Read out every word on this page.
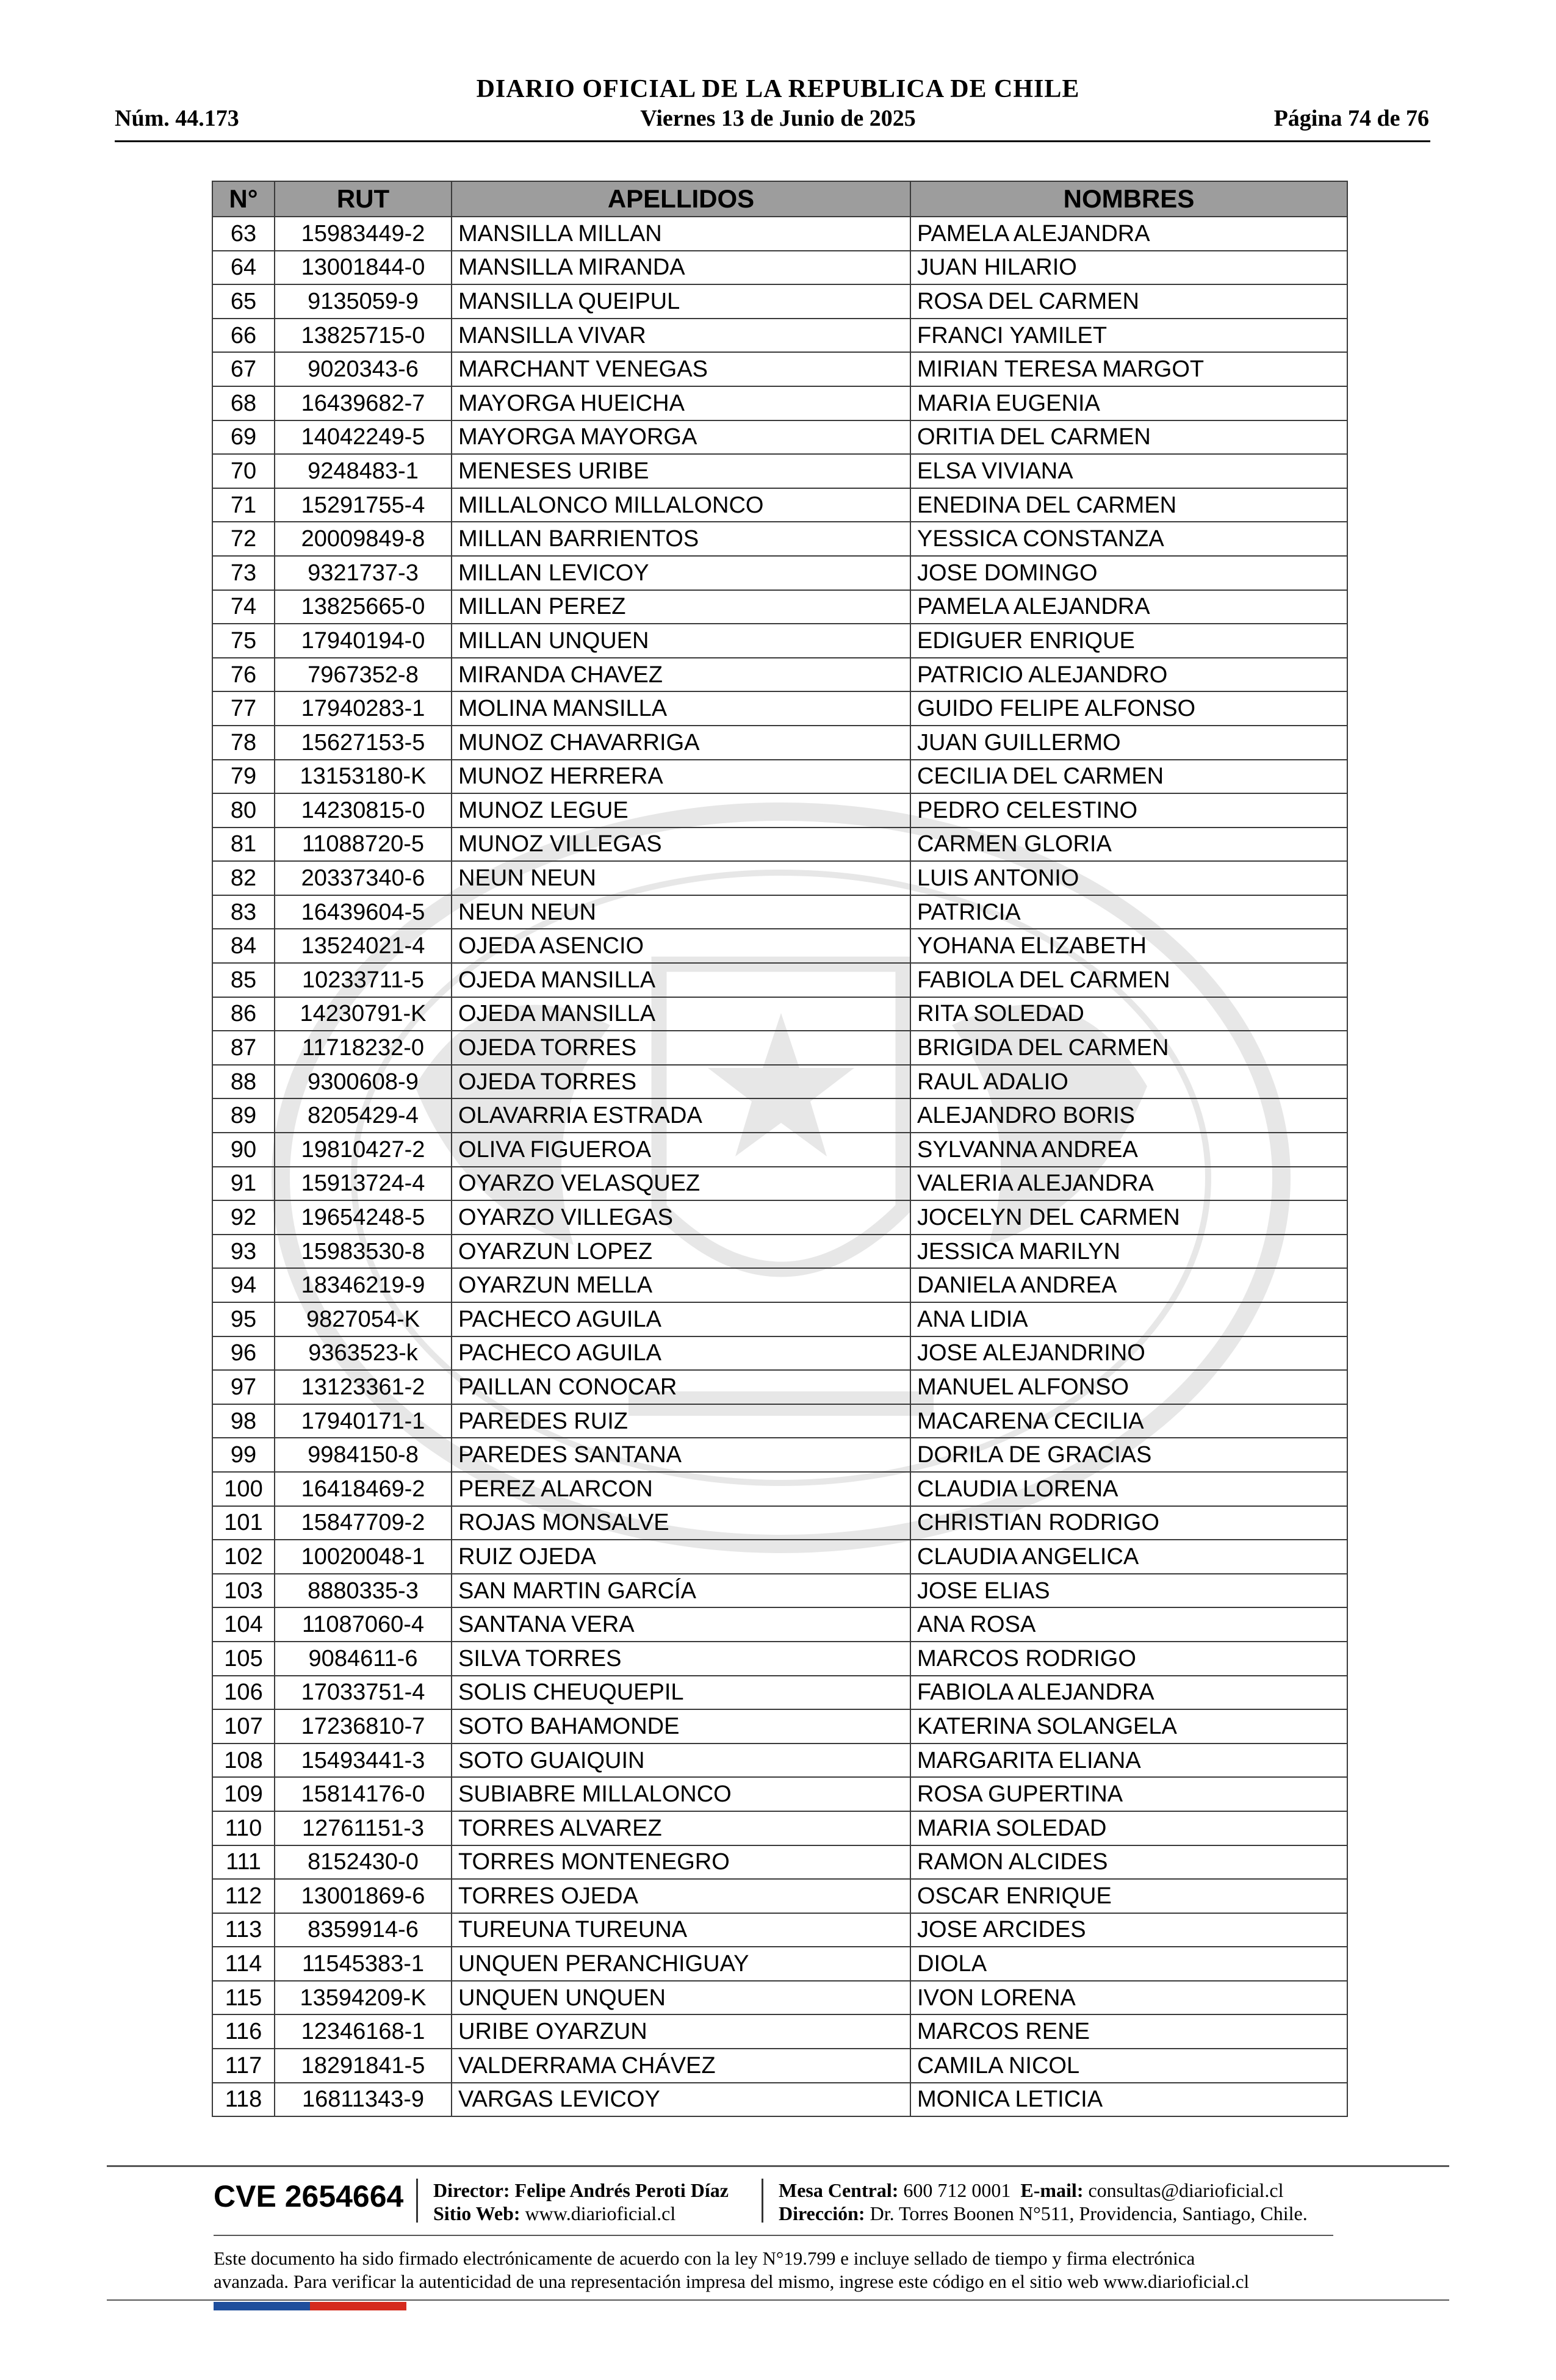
DIARIO OFICIAL DE LA REPUBLICA DE CHILE
Núm. 44.173	Viernes 13 de Junio de 2025	Página 74 de 76
N°	RUT	APELLIDOS	NOMBRES
63	15983449-2	MANSILLA MILLAN	PAMELA ALEJANDRA
64	13001844-0	MANSILLA MIRANDA	JUAN HILARIO
65	9135059-9	MANSILLA QUEIPUL	ROSA DEL CARMEN
66	13825715-0	MANSILLA VIVAR	FRANCI YAMILET
67	9020343-6	MARCHANT VENEGAS	MIRIAN TERESA MARGOT
68	16439682-7	MAYORGA HUEICHA	MARIA EUGENIA
69	14042249-5	MAYORGA MAYORGA	ORITIA DEL CARMEN
70	9248483-1	MENESES URIBE	ELSA VIVIANA
71	15291755-4	MILLALONCO MILLALONCO	ENEDINA DEL CARMEN
72	20009849-8	MILLAN BARRIENTOS	YESSICA CONSTANZA
73	9321737-3	MILLAN LEVICOY	JOSE DOMINGO
74	13825665-0	MILLAN PEREZ	PAMELA ALEJANDRA
75	17940194-0	MILLAN UNQUEN	EDIGUER ENRIQUE
76	7967352-8	MIRANDA CHAVEZ	PATRICIO ALEJANDRO
77	17940283-1	MOLINA MANSILLA	GUIDO FELIPE ALFONSO
78	15627153-5	MUNOZ CHAVARRIGA	JUAN GUILLERMO
79	13153180-K	MUNOZ HERRERA	CECILIA DEL CARMEN
80	14230815-0	MUNOZ LEGUE	PEDRO CELESTINO
81	11088720-5	MUNOZ VILLEGAS	CARMEN GLORIA
82	20337340-6	NEUN NEUN	LUIS ANTONIO
83	16439604-5	NEUN NEUN	PATRICIA
84	13524021-4	OJEDA ASENCIO	YOHANA ELIZABETH
85	10233711-5	OJEDA MANSILLA	FABIOLA DEL CARMEN
86	14230791-K	OJEDA MANSILLA	RITA SOLEDAD
87	11718232-0	OJEDA TORRES	BRIGIDA DEL CARMEN
88	9300608-9	OJEDA TORRES	RAUL ADALIO
89	8205429-4	OLAVARRIA ESTRADA	ALEJANDRO BORIS
90	19810427-2	OLIVA FIGUEROA	SYLVANNA ANDREA
91	15913724-4	OYARZO VELASQUEZ	VALERIA ALEJANDRA
92	19654248-5	OYARZO VILLEGAS	JOCELYN DEL CARMEN
93	15983530-8	OYARZUN LOPEZ	JESSICA MARILYN
94	18346219-9	OYARZUN MELLA	DANIELA ANDREA
95	9827054-K	PACHECO AGUILA	ANA LIDIA
96	9363523-k	PACHECO AGUILA	JOSE ALEJANDRINO
97	13123361-2	PAILLAN CONOCAR	MANUEL ALFONSO
98	17940171-1	PAREDES RUIZ	MACARENA CECILIA
99	9984150-8	PAREDES SANTANA	DORILA DE GRACIAS
100	16418469-2	PEREZ ALARCON	CLAUDIA LORENA
101	15847709-2	ROJAS MONSALVE	CHRISTIAN RODRIGO
102	10020048-1	RUIZ OJEDA	CLAUDIA ANGELICA
103	8880335-3	SAN MARTIN GARCÍA	JOSE ELIAS
104	11087060-4	SANTANA VERA	ANA ROSA
105	9084611-6	SILVA TORRES	MARCOS RODRIGO
106	17033751-4	SOLIS CHEUQUEPIL	FABIOLA ALEJANDRA
107	17236810-7	SOTO BAHAMONDE	KATERINA SOLANGELA
108	15493441-3	SOTO GUAIQUIN	MARGARITA ELIANA
109	15814176-0	SUBIABRE MILLALONCO	ROSA GUPERTINA
110	12761151-3	TORRES ALVAREZ	MARIA SOLEDAD
111	8152430-0	TORRES MONTENEGRO	RAMON ALCIDES
112	13001869-6	TORRES OJEDA	OSCAR ENRIQUE
113	8359914-6	TUREUNA TUREUNA	JOSE ARCIDES
114	11545383-1	UNQUEN PERANCHIGUAY	DIOLA
115	13594209-K	UNQUEN UNQUEN	IVON LORENA
116	12346168-1	URIBE OYARZUN	MARCOS RENE
117	18291841-5	VALDERRAMA CHÁVEZ	CAMILA NICOL
118	16811343-9	VARGAS LEVICOY	MONICA LETICIA
CVE 2654664 Director: Felipe Andrés Peroti Díaz
Sitio Web: www.diarioficial.cl
Mesa Central: 600 712 0001 E-mail: consultas@diarioficial.cl
Dirección: Dr. Torres Boonen N°511, Providencia, Santiago, Chile.
Este documento ha sido firmado electrónicamente de acuerdo con la ley N°19.799 e incluye sellado de tiempo y firma electrónica
avanzada. Para verificar la autenticidad de una representación impresa del mismo, ingrese este código en el sitio web www.diarioficial.cl
